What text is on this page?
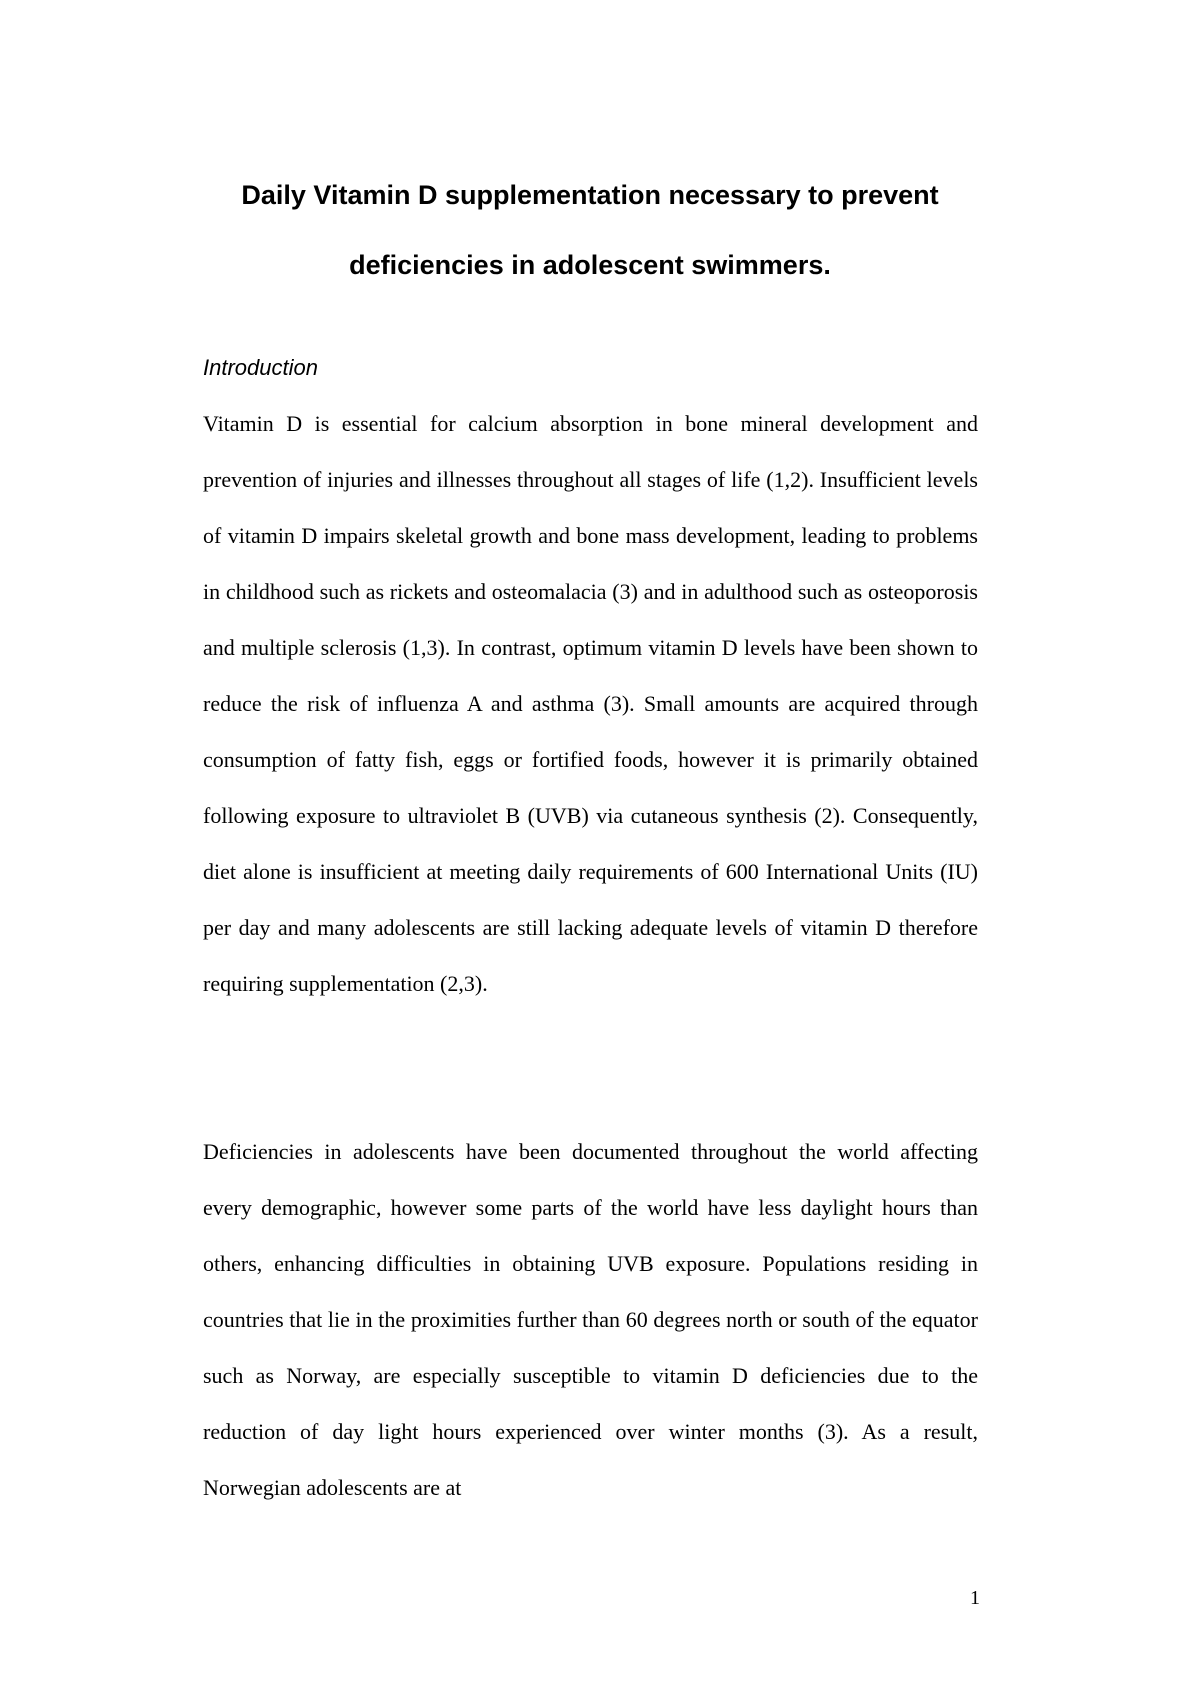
Daily Vitamin D supplementation necessary to prevent
deficiencies in adolescent swimmers.
Introduction

Vitamin D is essential for calcium absorption in bone mineral development and prevention of injuries and illnesses throughout all stages of life (1,2). Insufficient levels of vitamin D impairs skeletal growth and bone mass development, leading to problems in childhood such as rickets and osteomalacia (3) and in adulthood such as osteoporosis and multiple sclerosis (1,3). In contrast, optimum vitamin D levels have been shown to reduce the risk of influenza A and asthma (3). Small amounts are acquired through consumption of fatty fish, eggs or fortified foods, however it is primarily obtained following exposure to ultraviolet B (UVB) via cutaneous synthesis (2). Consequently, diet alone is insufficient at meeting daily requirements of 600 International Units (IU) per day and many adolescents are still lacking adequate levels of vitamin D therefore requiring supplementation (2,3).

Deficiencies in adolescents have been documented throughout the world affecting every demographic, however some parts of the world have less daylight hours than others, enhancing difficulties in obtaining UVB exposure. Populations residing in countries that lie in the proximities further than 60 degrees north or south of the equator such as Norway, are especially susceptible to vitamin D deficiencies due to the reduction of day light hours experienced over winter months (3). As a result, Norwegian adolescents are at

1
